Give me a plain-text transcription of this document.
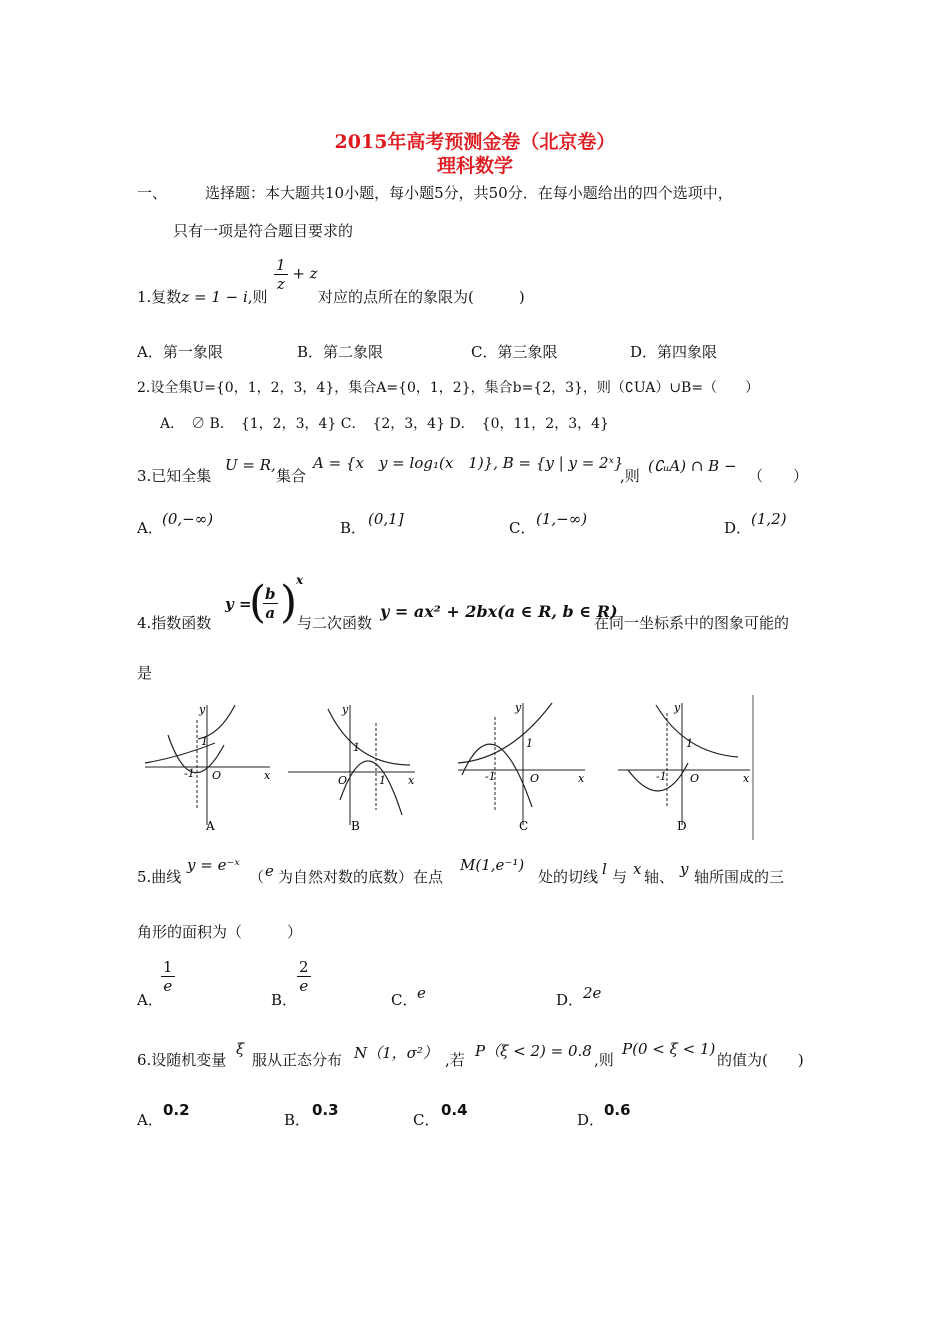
2015年高考预测金卷（北京卷）
理科数学
一、	选择题：本大题共10小题，每小题5分，共50分．在每小题给出的四个选项中，
只有一项是符合题目要求的
1.复数z = 1 − i,则
$\frac{1}{z} + z$
对应的点所在的象限为(　　　)
A．第一象限	B．第二象限	C．第三象限	D．第四象限
2.设全集U={0，1，2，3，4}，集合A={0，1，2}，集合b={2，3}，则（∁UA）∪B=（　　）
A．　∅ B．　{1，2，3，4} C．　{2，3，4} D．　{0，11，2，3，4}
3.已知全集
U = R,
集合
A = {x　y = log₁(x　1)}, B = {y | y = 2ˣ}
,则
(∁ᵤA) ∩ B −
（　　）
A． (0,−∞)	B． (0,1]	C． (1,−∞)	D． (1,2)
4.指数函数
y =
(
$\frac{b}{a}$ )
x
与二次函数
y = ax² + 2bx(a ∈ R, b ∈ R)
在同一坐标系中的图象可能的
是
y
x
O
1
-1
A
y
x
O
1
1
B
y
x
O
1
-1
C
y
x
O
1
-1
D
5.曲线
y = e⁻ˣ
（ e 为自然对数的底数）在点
M(1,e⁻¹)
处的切线 l 与 x 轴、 y 轴所围成的三
角形的面积为（　　　）
A．
$\frac{1}{e}$
B．
$\frac{2}{e}$
C． e	D． 2e
6.设随机变量
ξ
服从正态分布 N（1，σ²） ,若 P（ξ < 2) = 0.8 ,则
P(0 < ξ < 1)
的值为(　　)
A．
0.2
B．
0.3
C．
0.4
D．
0.6
